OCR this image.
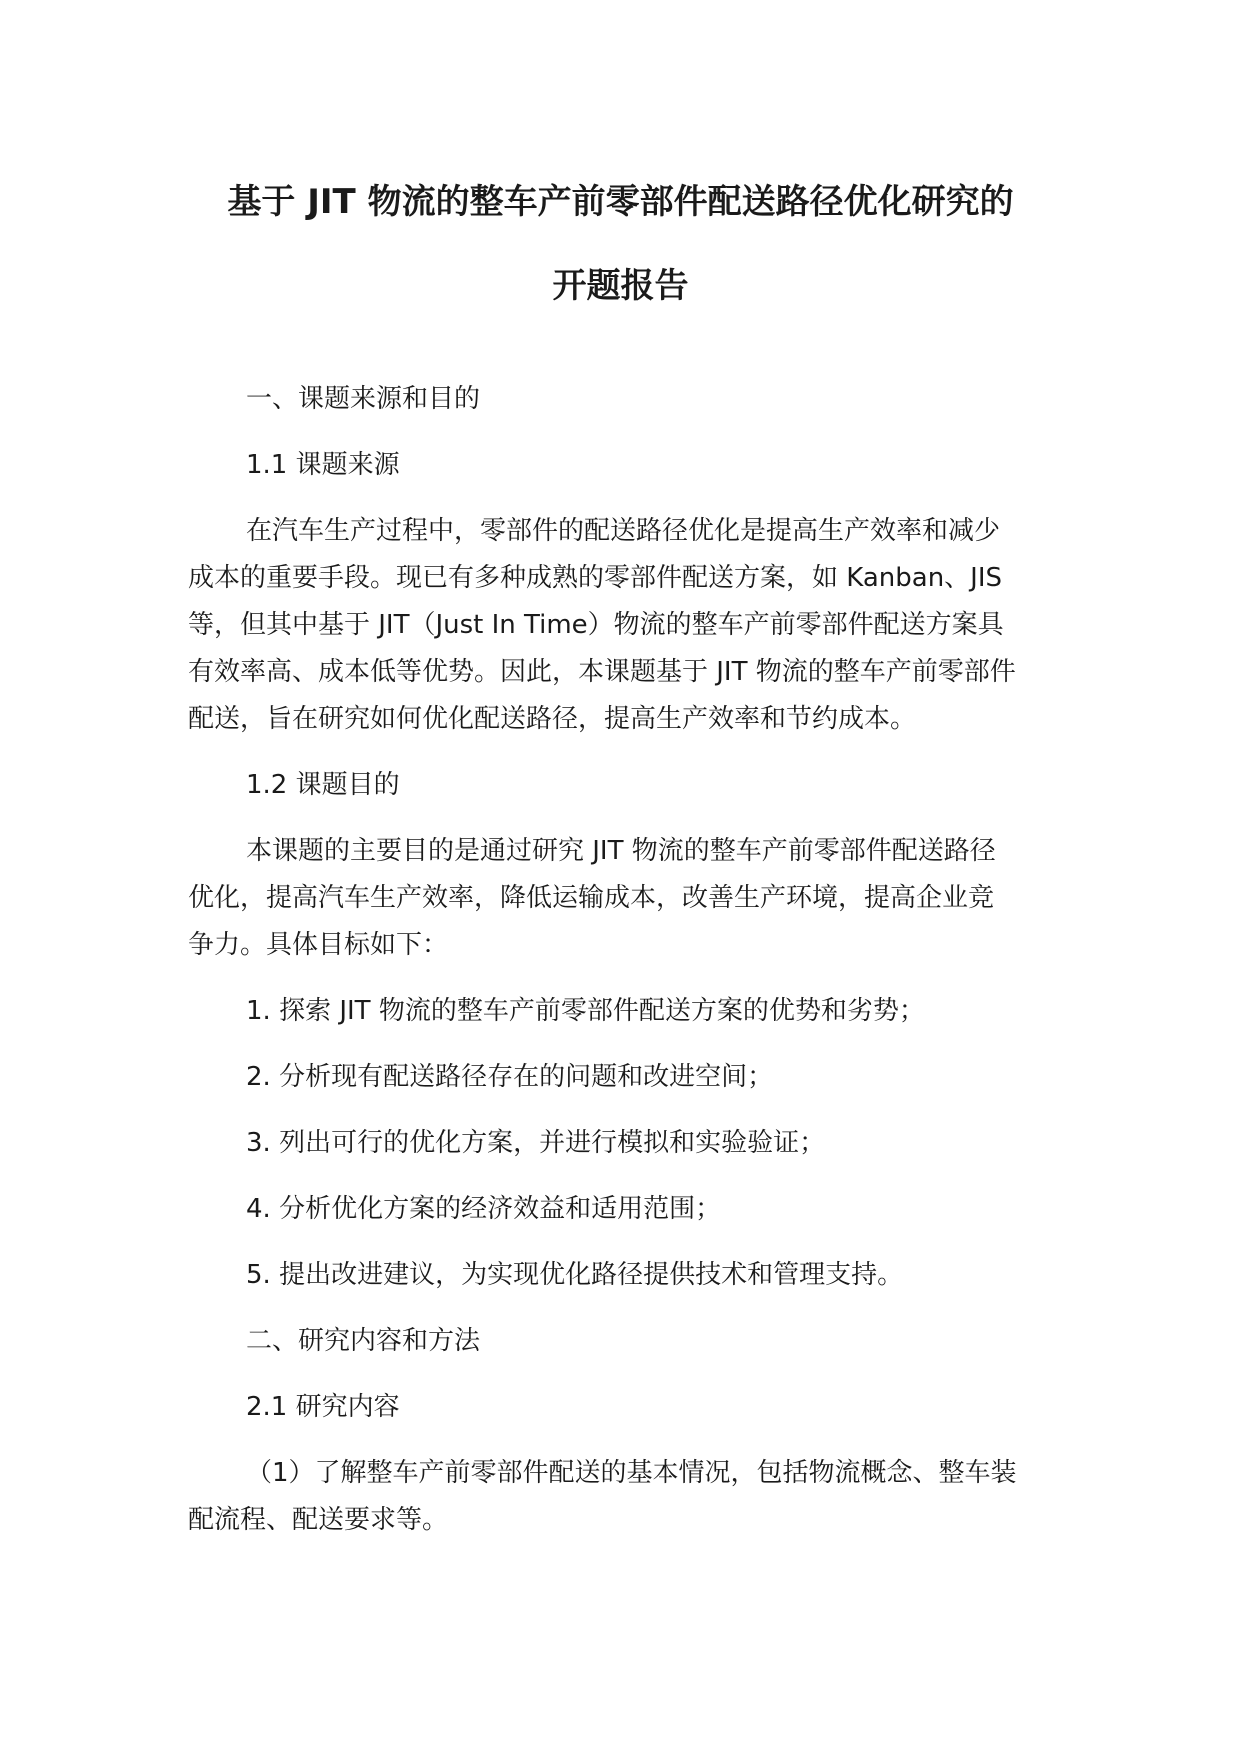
基于 JIT 物流的整车产前零部件配送路径优化研究的
开题报告

一、课题来源和目的

1.1 课题来源

在汽车生产过程中，零部件的配送路径优化是提高生产效率和减少

成本的重要手段。现已有多种成熟的零部件配送方案，如 Kanban、JIS

等，但其中基于 JIT（Just In Time）物流的整车产前零部件配送方案具

有效率高、成本低等优势。因此，本课题基于 JIT 物流的整车产前零部件

配送，旨在研究如何优化配送路径，提高生产效率和节约成本。

1.2 课题目的

本课题的主要目的是通过研究 JIT 物流的整车产前零部件配送路径

优化，提高汽车生产效率，降低运输成本，改善生产环境，提高企业竞

争力。具体目标如下：

1. 探索 JIT 物流的整车产前零部件配送方案的优势和劣势；

2. 分析现有配送路径存在的问题和改进空间；

3. 列出可行的优化方案，并进行模拟和实验验证；

4. 分析优化方案的经济效益和适用范围；

5. 提出改进建议，为实现优化路径提供技术和管理支持。

二、研究内容和方法

2.1 研究内容

（1）了解整车产前零部件配送的基本情况，包括物流概念、整车装

配流程、配送要求等。
